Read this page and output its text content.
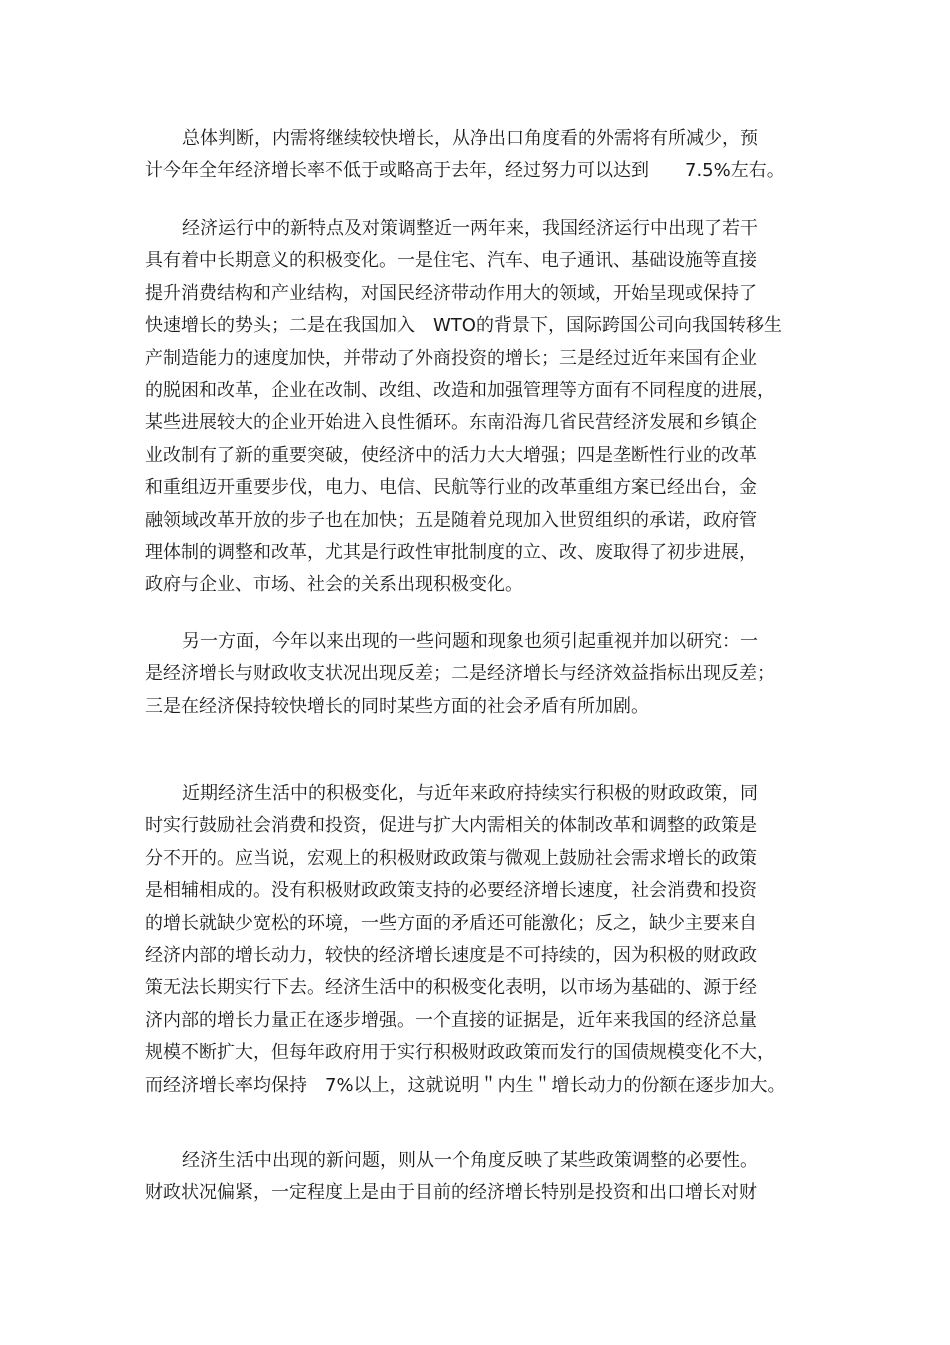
总体判断，内需将继续较快增长，从净出口角度看的外需将有所减少，预
计今年全年经济增长率不低于或略高于去年，经过努力可以达到　　7.5%左右。
经济运行中的新特点及对策调整近一两年来，我国经济运行中出现了若干
具有着中长期意义的积极变化。一是住宅、汽车、电子通讯、基础设施等直接
提升消费结构和产业结构，对国民经济带动作用大的领域，开始呈现或保持了
快速增长的势头；二是在我国加入　WTO的背景下，国际跨国公司向我国转移生
产制造能力的速度加快，并带动了外商投资的增长；三是经过近年来国有企业
的脱困和改革，企业在改制、改组、改造和加强管理等方面有不同程度的进展，
某些进展较大的企业开始进入良性循环。东南沿海几省民营经济发展和乡镇企
业改制有了新的重要突破，使经济中的活力大大增强；四是垄断性行业的改革
和重组迈开重要步伐，电力、电信、民航等行业的改革重组方案已经出台，金
融领域改革开放的步子也在加快；五是随着兑现加入世贸组织的承诺，政府管
理体制的调整和改革，尤其是行政性审批制度的立、改、废取得了初步进展，
政府与企业、市场、社会的关系出现积极变化。
另一方面，今年以来出现的一些问题和现象也须引起重视并加以研究：一
是经济增长与财政收支状况出现反差；二是经济增长与经济效益指标出现反差；
三是在经济保持较快增长的同时某些方面的社会矛盾有所加剧。
近期经济生活中的积极变化，与近年来政府持续实行积极的财政政策，同
时实行鼓励社会消费和投资，促进与扩大内需相关的体制改革和调整的政策是
分不开的。应当说，宏观上的积极财政政策与微观上鼓励社会需求增长的政策
是相辅相成的。没有积极财政政策支持的必要经济增长速度，社会消费和投资
的增长就缺少宽松的环境，一些方面的矛盾还可能激化；反之，缺少主要来自
经济内部的增长动力，较快的经济增长速度是不可持续的，因为积极的财政政
策无法长期实行下去。经济生活中的积极变化表明，以市场为基础的、源于经
济内部的增长力量正在逐步增强。一个直接的证据是，近年来我国的经济总量
规模不断扩大，但每年政府用于实行积极财政政策而发行的国债规模变化不大，
而经济增长率均保持　7%以上，这就说明＂内生＂增长动力的份额在逐步加大。
经济生活中出现的新问题，则从一个角度反映了某些政策调整的必要性。
财政状况偏紧，一定程度上是由于目前的经济增长特别是投资和出口增长对财
